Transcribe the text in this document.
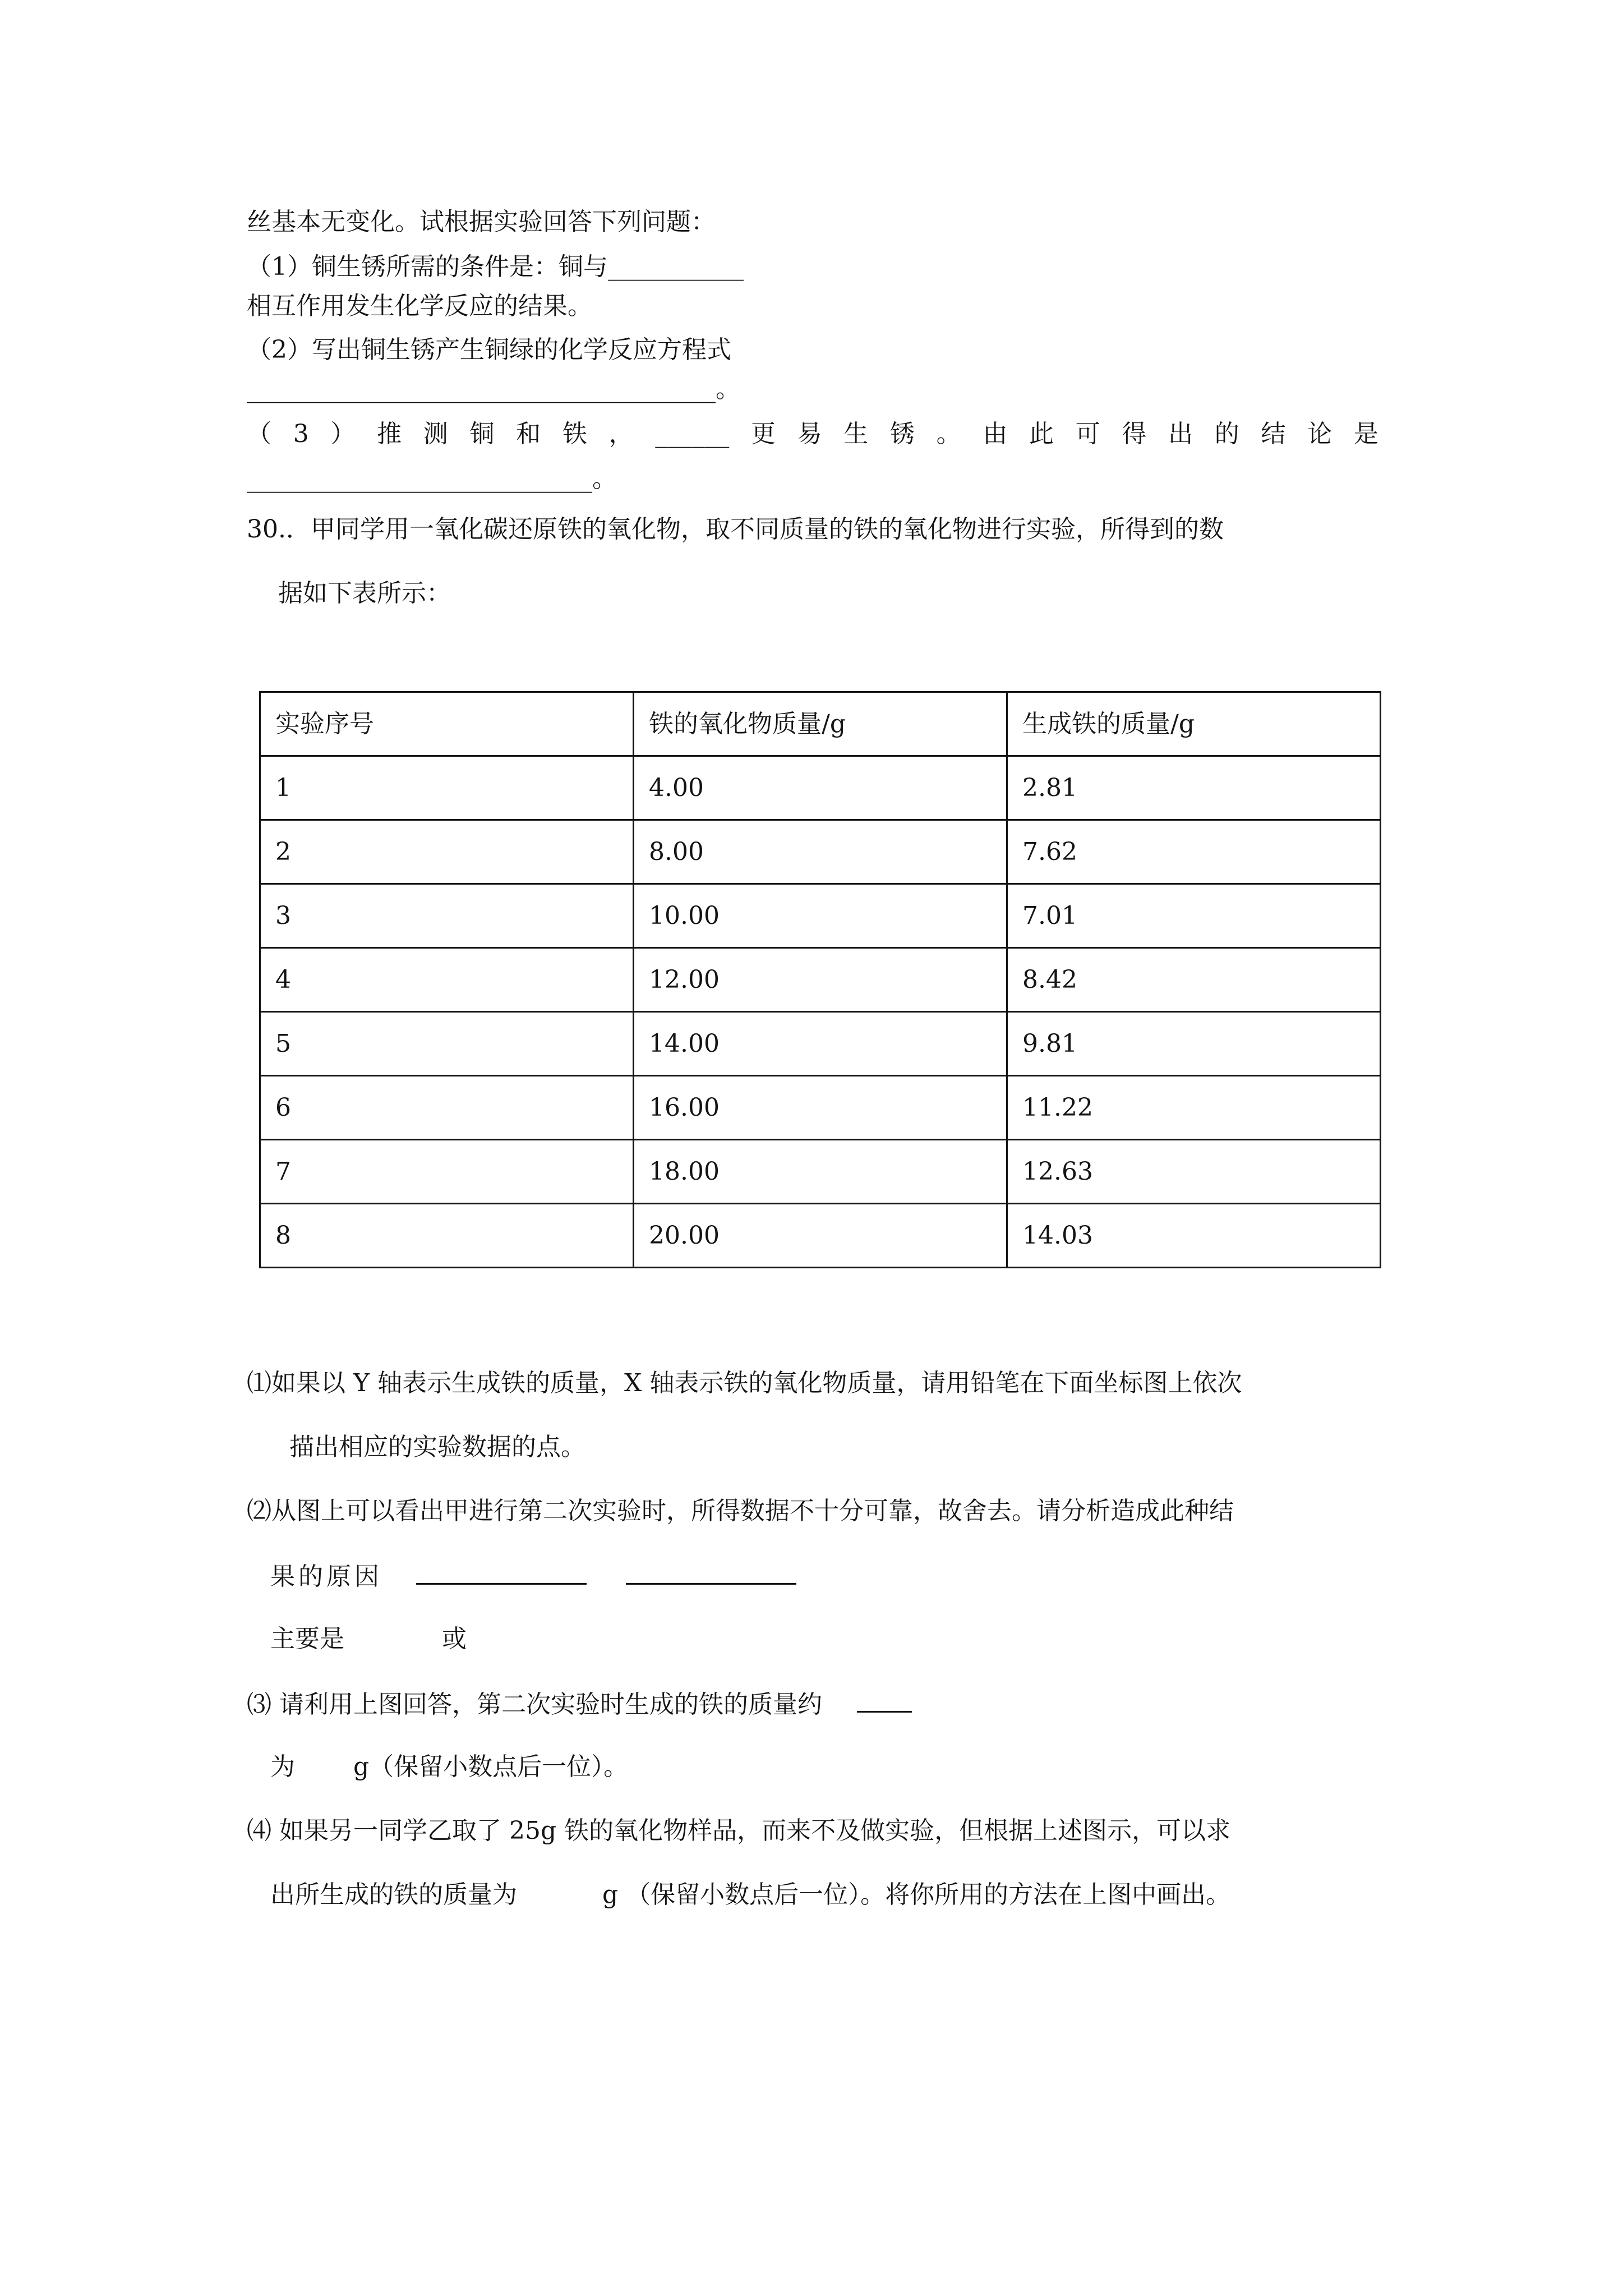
丝基本无变化。试根据实验回答下列问题：
（1）铜生锈所需的条件是：铜与___________
相互作用发生化学反应的结果。
（2）写出铜生锈产生铜绿的化学反应方程式
______________________________________。
（ 3 ） 推 测 铜 和 铁 ， ______ 更 易 生 锈 。 由 此 可 得 出 的 结 论 是
____________________________。
30.．甲同学用一氧化碳还原铁的氧化物，取不同质量的铁的氧化物进行实验，所得到的数
据如下表所示：
实验序号	铁的氧化物质量/g	生成铁的质量/g
1	4.00	2.81
2	8.00	7.62
3	10.00	7.01
4	12.00	8.42
5	14.00	9.81
6	16.00	11.22
7	18.00	12.63
8	20.00	14.03
⑴如果以 Y 轴表示生成铁的质量，X 轴表示铁的氧化物质量，请用铅笔在下面坐标图上依次
描出相应的实验数据的点。
⑵从图上可以看出甲进行第二次实验时，所得数据不十分可靠，故舍去。请分析造成此种结
果的原因
主要是	或
⑶ 请利用上图回答，第二次实验时生成的铁的质量约
为 g（保留小数点后一位）。
⑷ 如果另一同学乙取了 25g 铁的氧化物样品，而来不及做实验，但根据上述图示，可以求
出所生成的铁的质量为	g （保留小数点后一位）。将你所用的方法在上图中画出。
